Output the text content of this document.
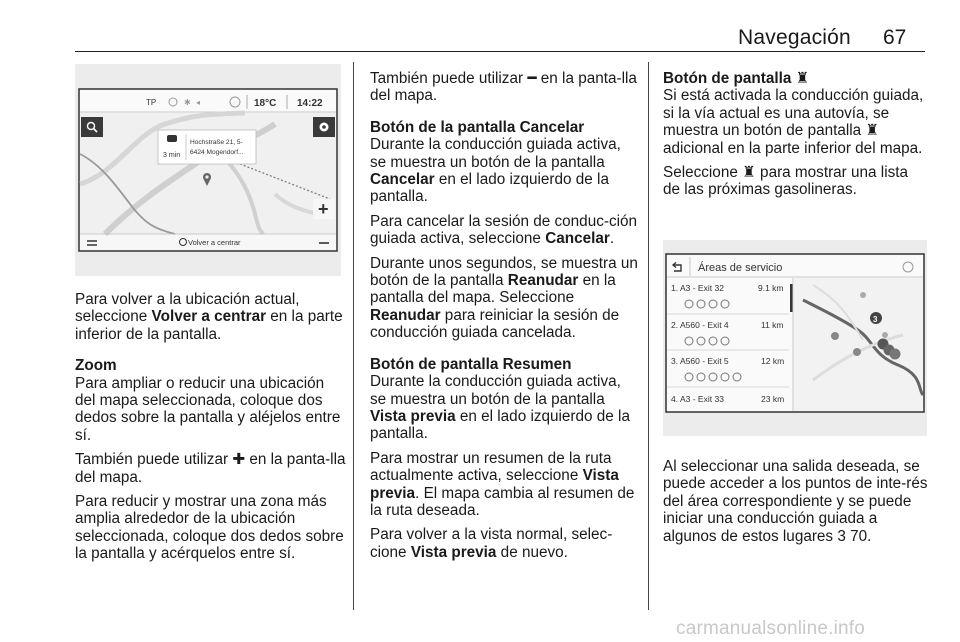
Navegación 67
TP	✱ ◂	18°C 14:22
3 min
Hochstraße 21, 5-
6424 Mogendorf...
+
Volver a centrar

Para volver a la ubicación actual, seleccione Volver a centrar en la parte inferior de la pantalla.

Zoom

Para ampliar o reducir una ubicación del mapa seleccionada, coloque dos dedos sobre la pantalla y aléjelos entre sí.

También puede utilizar ✚ en la panta-lla del mapa.

Para reducir y mostrar una zona más amplia alrededor de la ubicación seleccionada, coloque dos dedos sobre la pantalla y acérquelos entre sí.

También puede utilizar ━ en la panta-lla del mapa.

Botón de la pantalla Cancelar

Durante la conducción guiada activa, se muestra un botón de la pantalla Cancelar en el lado izquierdo de la pantalla.

Para cancelar la sesión de conduc-ción guiada activa, seleccione Cancelar.

Durante unos segundos, se muestra un botón de la pantalla Reanudar en la pantalla del mapa. Seleccione Reanudar para reiniciar la sesión de conducción guiada cancelada.

Botón de pantalla Resumen

Durante la conducción guiada activa, se muestra un botón de la pantalla Vista previa en el lado izquierdo de la pantalla.

Para mostrar un resumen de la ruta actualmente activa, seleccione Vista previa. El mapa cambia al resumen de la ruta deseada.

Para volver a la vista normal, selec-cione Vista previa de nuevo.

Botón de pantalla ♜

Si está activada la conducción guiada, si la vía actual es una autovía, se muestra un botón de pantalla ♜ adicional en la parte inferior del mapa.

Seleccione ♜ para mostrar una lista de las próximas gasolineras.

Áreas de servicio
1. A3 - Exit 32	9.1 km
2. A560 - Exit 4	11 km
3. A560 - Exit 5	12 km
4. A3 - Exit 33	23 km
3

Al seleccionar una salida deseada, se puede acceder a los puntos de inte-rés del área correspondiente y se puede iniciar una conducción guiada a algunos de estos lugares 3 70.

carmanualsonline.info
